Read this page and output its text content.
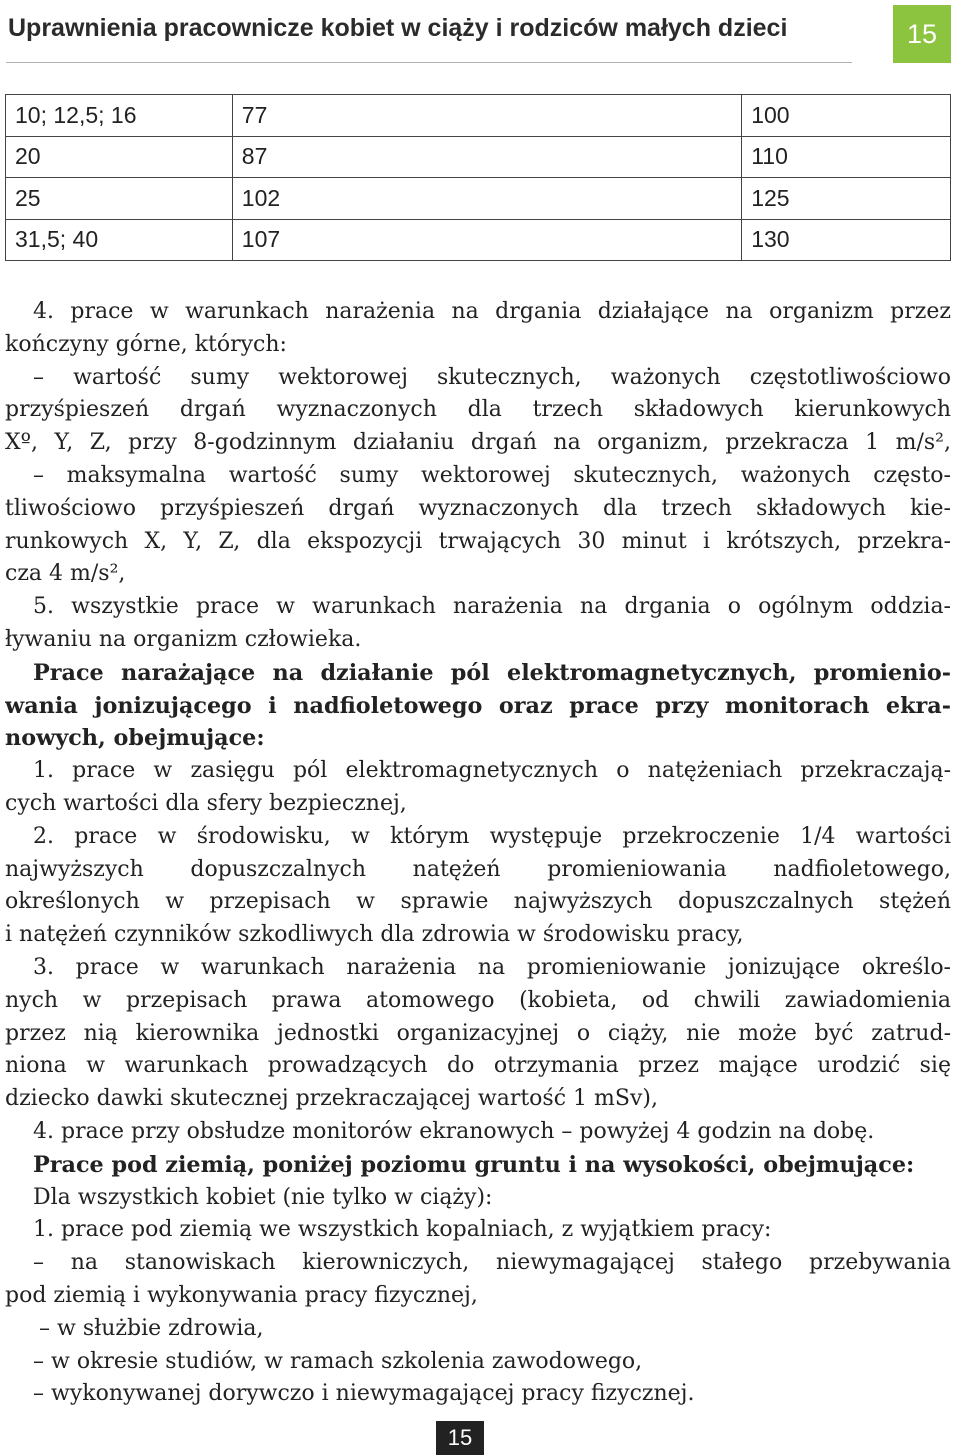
Uprawnienia pracownicze kobiet w ciąży i rodziców małych dzieci	15
10; 12,5; 16	77	100
20	87	110
25	102	125
31,5; 40	107	130
4. prace w warunkach narażenia na drgania działające na organizm przez
kończyny górne, których:
– wartość sumy wektorowej skutecznych, ważonych częstotliwościowo
przyśpieszeń drgań wyznaczonych dla trzech składowych kierunkowych
Xº, Y, Z, przy 8-godzinnym działaniu drgań na organizm, przekracza 1 m/s²,
– maksymalna wartość sumy wektorowej skutecznych, ważonych często-
tliwościowo przyśpieszeń drgań wyznaczonych dla trzech składowych kie-
runkowych X, Y, Z, dla ekspozycji trwających 30 minut i krótszych, przekra-
cza 4 m/s²,
5. wszystkie prace w warunkach narażenia na drgania o ogólnym oddzia-
ływaniu na organizm człowieka.
Prace narażające na działanie pól elektromagnetycznych, promienio-
wania jonizującego i nadfioletowego oraz prace przy monitorach ekra-
nowych, obejmujące:
1. prace w zasięgu pól elektromagnetycznych o natężeniach przekraczają-
cych wartości dla sfery bezpiecznej,
2. prace w środowisku, w którym występuje przekroczenie 1/4 wartości
najwyższych dopuszczalnych natężeń promieniowania nadfioletowego,
określonych w przepisach w sprawie najwyższych dopuszczalnych stężeń
i natężeń czynników szkodliwych dla zdrowia w środowisku pracy,
3. prace w warunkach narażenia na promieniowanie jonizujące określo-
nych w przepisach prawa atomowego (kobieta, od chwili zawiadomienia
przez nią kierownika jednostki organizacyjnej o ciąży, nie może być zatrud-
niona w warunkach prowadzących do otrzymania przez mające urodzić się
dziecko dawki skutecznej przekraczającej wartość 1 mSv),
4. prace przy obsłudze monitorów ekranowych – powyżej 4 godzin na dobę.
Prace pod ziemią, poniżej poziomu gruntu i na wysokości, obejmujące:
Dla wszystkich kobiet (nie tylko w ciąży):
1. prace pod ziemią we wszystkich kopalniach, z wyjątkiem pracy:
– na stanowiskach kierowniczych, niewymagającej stałego przebywania
pod ziemią i wykonywania pracy fizycznej,
– w służbie zdrowia,
– w okresie studiów, w ramach szkolenia zawodowego,
– wykonywanej dorywczo i niewymagającej pracy fizycznej.
15
